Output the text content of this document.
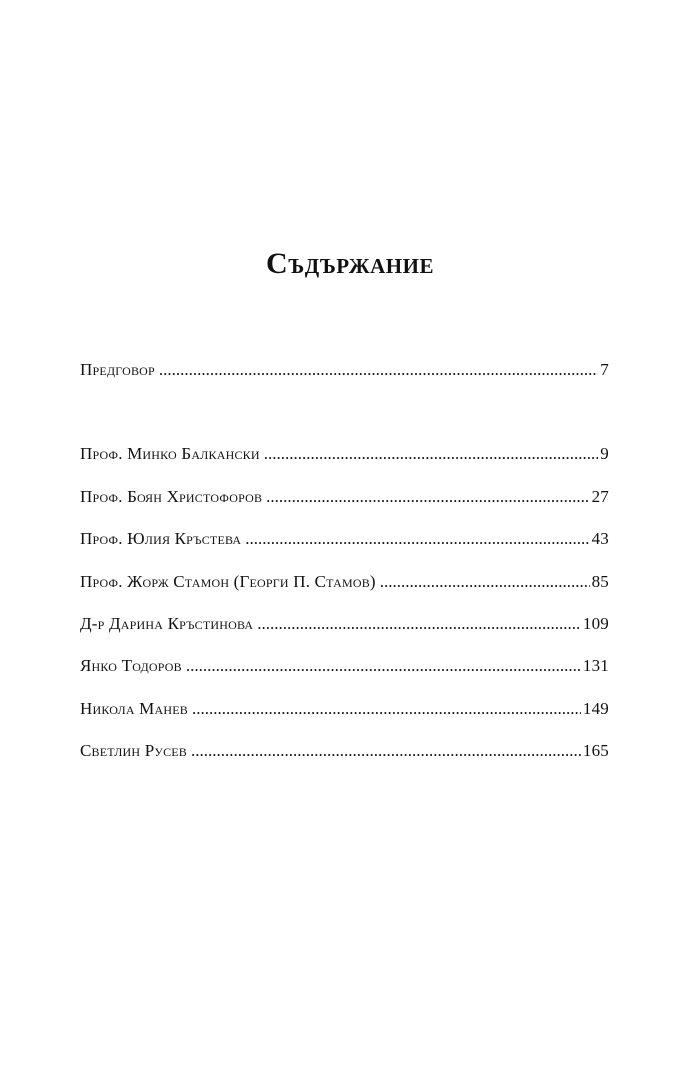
Съдържание
Предговор .....	7
Проф. Минко Балкански .....	9
Проф. Боян Христофоров .....	27
Проф. Юлия Кръстева .....	43
Проф. Жорж Стамон (Георги П. Стамов) .....	85
Д-р Дарина Кръстинова .....	109
Янко Тодоров .....	131
Никола Манев .....	149
Светлин Русев .....	165
